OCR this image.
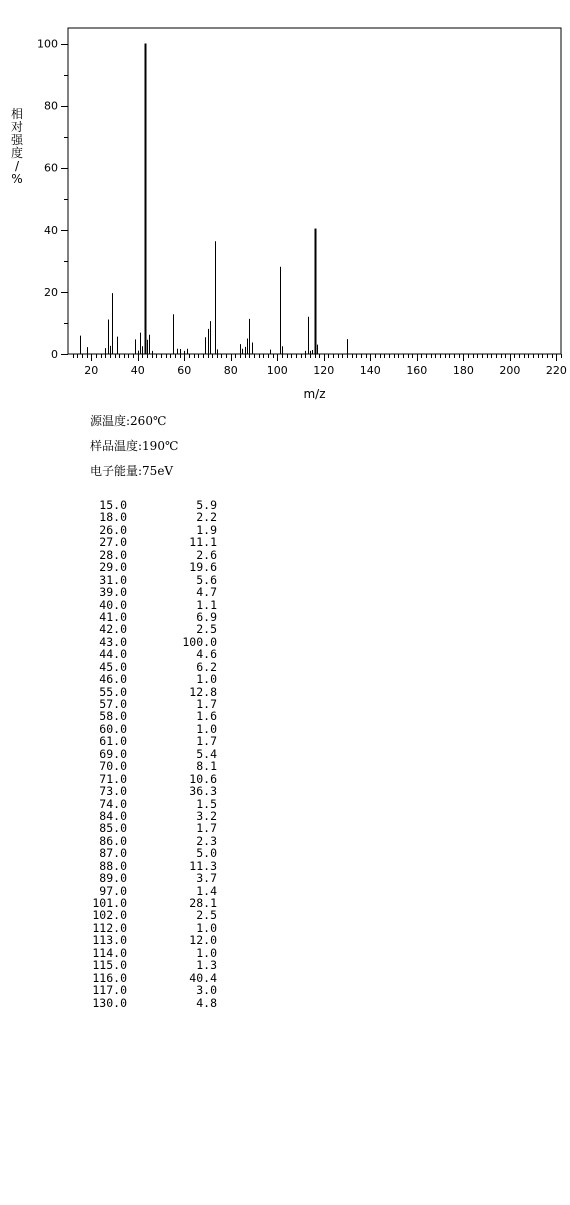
0
20
40
60
80
100
20	40	60	80	100 120 140 160 180 200 220
m/z
相
对
强
度
/
%
源温度:260℃
样品温度:190℃
电子能量:75eV
15.0	5.9
18.0	2.2
26.0	1.9
27.0	11.1
28.0	2.6
29.0	19.6
31.0	5.6
39.0	4.7
40.0	1.1
41.0	6.9
42.0	2.5
43.0	100.0
44.0	4.6
45.0	6.2
46.0	1.0
55.0	12.8
57.0	1.7
58.0	1.6
60.0	1.0
61.0	1.7
69.0	5.4
70.0	8.1
71.0	10.6
73.0	36.3
74.0	1.5
84.0	3.2
85.0	1.7
86.0	2.3
87.0	5.0
88.0	11.3
89.0	3.7
97.0	1.4
101.0	28.1
102.0	2.5
112.0	1.0
113.0	12.0
114.0	1.0
115.0	1.3
116.0	40.4
117.0	3.0
130.0	4.8
